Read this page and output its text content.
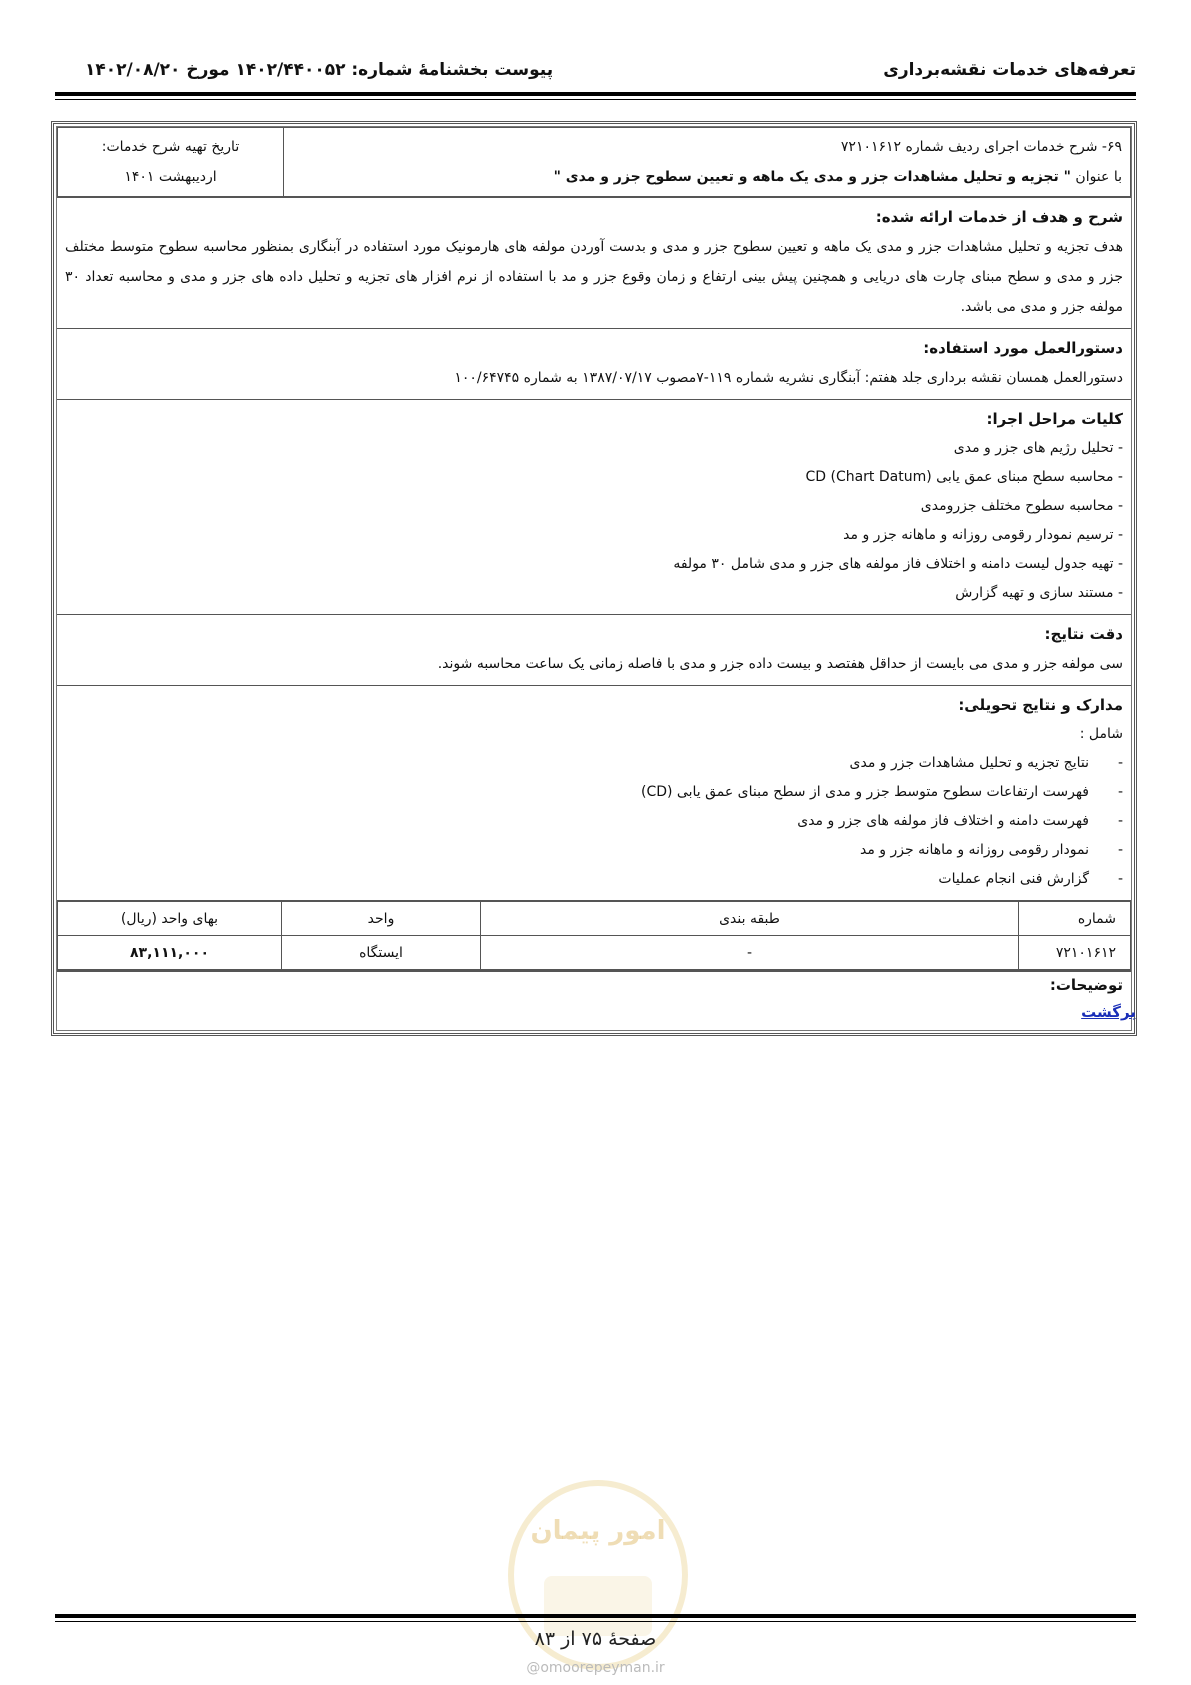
تعرفه‌های خدمات نقشه‌برداری
پیوست بخشنامهٔ شماره: ۱۴۰۲/۴۴۰۰۵۲ مورخ ۱۴۰۲/۰۸/۲۰
۶۹- شرح خدمات اجرای ردیف شماره ۷۲۱۰۱۶۱۲
با عنوان " تجزیه و تحلیل مشاهدات جزر و مدی یک ماهه و تعیین سطوح جزر و مدی "

تاریخ تهیه شرح خدمات:
اردیبهشت ۱۴۰۱
شرح و هدف از خدمات ارائه شده:

هدف تجزیه و تحلیل مشاهدات جزر و مدی یک ماهه و تعیین سطوح جزر و مدی و بدست آوردن مولفه های هارمونیک مورد استفاده در آبنگاری بمنظور محاسبه سطوح متوسط مختلف جزر و مدی و سطح مبنای چارت های دریایی و همچنین پیش بینی ارتفاع و زمان وقوع جزر و مد با استفاده از نرم افزار های تجزیه و تحلیل داده های جزر و مدی و محاسبه تعداد ۳۰ مولفه جزر و مدی می باشد.

دستورالعمل مورد استفاده:

دستورالعمل همسان نقشه برداری جلد هفتم: آبنگاری نشریه شماره ۱۱۹-۷مصوب ۱۳۸۷/۰۷/۱۷ به شماره ۱۰۰/۶۴۷۴۵

کلیات مراحل اجرا:
- تحلیل رژیم های جزر و مدی
- محاسبه سطح مبنای عمق یابی (CD (Chart Datum
- محاسبه سطوح مختلف جزرومدی
- ترسیم نمودار رقومی روزانه و ماهانه جزر و مد
- تهیه جدول لیست دامنه و اختلاف فاز مولفه های جزر و مدی شامل ۳۰ مولفه
- مستند سازی و تهیه گزارش
دقت نتایج:

سی مولفه جزر و مدی می بایست از حداقل هفتصد و بیست داده جزر و مدی با فاصله زمانی یک ساعت محاسبه شوند.

مدارک و نتایج تحویلی:
شامل :
-
نتایج تجزیه و تحلیل مشاهدات جزر و مدی
-
فهرست ارتفاعات سطوح متوسط جزر و مدی از سطح مبنای عمق یابی (CD)
-
فهرست دامنه و اختلاف فاز مولفه های جزر و مدی
-
نمودار رقومی روزانه و ماهانه جزر و مد
-
گزارش فنی انجام عملیات
شماره	طبقه بندی	واحد	بهای واحد (ریال)
۷۲۱۰۱۶۱۲	-	ایستگاه	۸۳,۱۱۱,۰۰۰
توضیحات:
برگشت
امور پیمان
صفحهٔ ۷۵ از ۸۳
@omoorepeyman.ir
